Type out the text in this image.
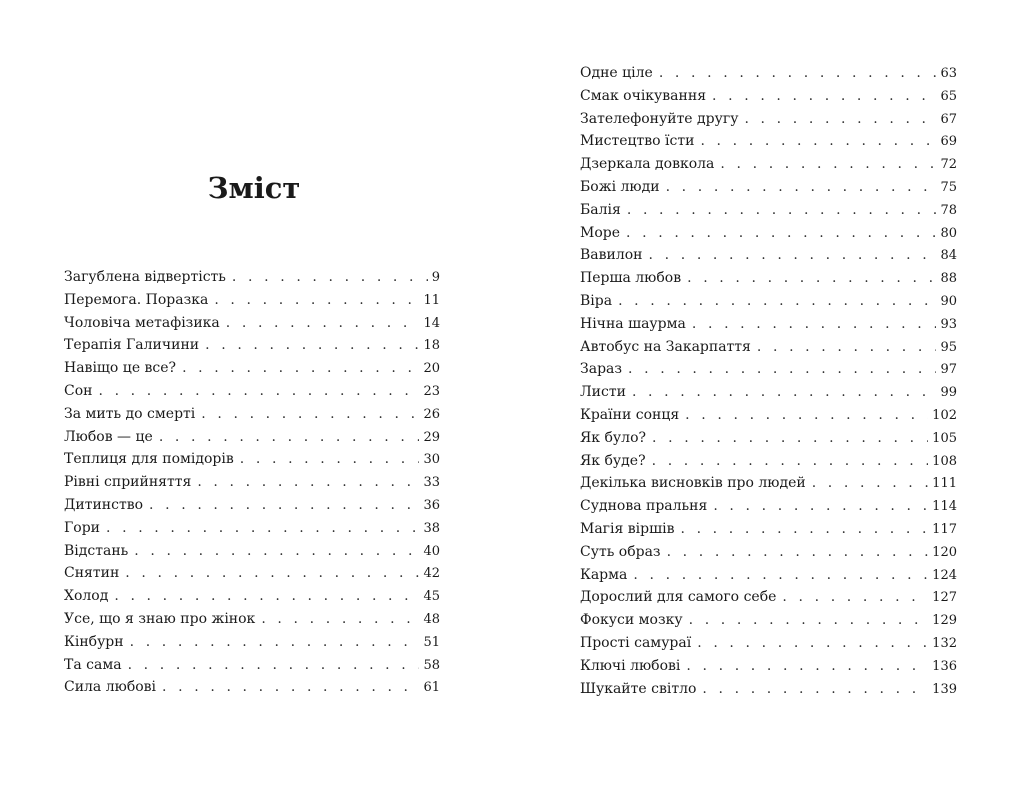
Зміст
Загублена відвертість . . .	9
Перемога. Поразка . . .	11
Чоловіча метафізика . . .	14
Терапія Галичини . . .	18
Навіщо це все? . . .	20
Сон . . .	23
За мить до смерті . . .	26
Любов — це . . .	29
Теплиця для помідорів . . .	30
Рівні сприйняття . . .	33
Дитинство . . .	36
Гори . . .	38
Відстань . . .	40
Снятин . . .	42
Холод . . .	45
Усе, що я знаю про жінок . . .	48
Кінбурн . . .	51
Та сама . . .	58
Сила любові . . .	61
Одне ціле . . .	63
Смак очікування . . .	65
Зателефонуйте другу . . .	67
Мистецтво їсти . . .	69
Дзеркала довкола . . .	72
Божі люди . . .	75
Балія . . .	78
Море . . .	80
Вавилон . . .	84
Перша любов . . .	88
Віра . . .	90
Нічна шаурма . . .	93
Автобус на Закарпаття . . .	95
Зараз . . .	97
Листи . . .	99
Країни сонця . . .	102
Як було? . . .	105
Як буде? . . .	108
Декілька висновків про людей . . .	111
Суднова пральня . . .	114
Магія віршів . . .	117
Суть образ . . .	120
Карма . . .	124
Дорослий для самого себе . . .	127
Фокуси мозку . . .	129
Прості самураї . . .	132
Ключі любові . . .	136
Шукайте світло . . .	139
